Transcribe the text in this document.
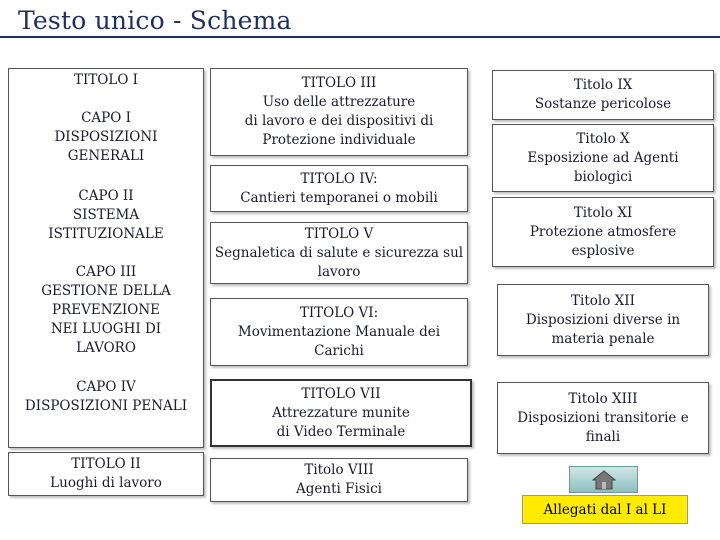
Testo unico - Schema
TITOLO I
CAPO I
DISPOSIZIONI
GENERALI
CAPO II
SISTEMA
ISTITUZIONALE
CAPO III
GESTIONE DELLA
PREVENZIONE
NEI LUOGHI DI
LAVORO
CAPO IV
DISPOSIZIONI PENALI
TITOLO II
Luoghi di lavoro
TITOLO III
Uso delle attrezzature
di lavoro e dei dispositivi di
Protezione individuale
TITOLO IV:
Cantieri temporanei o mobili
TITOLO V
Segnaletica di salute e sicurezza sul
lavoro
TITOLO VI:
Movimentazione Manuale dei
Carichi
TITOLO VII
Attrezzature munite
di Video Terminale
Titolo VIII
Agenti Fisici
Titolo IX
Sostanze pericolose
Titolo X
Esposizione ad Agenti
biologici
Titolo XI
Protezione atmosfere
esplosive
Titolo XII
Disposizioni diverse in
materia penale
Titolo XIII
Disposizioni transitorie e
finali
Allegati dal I al LI
